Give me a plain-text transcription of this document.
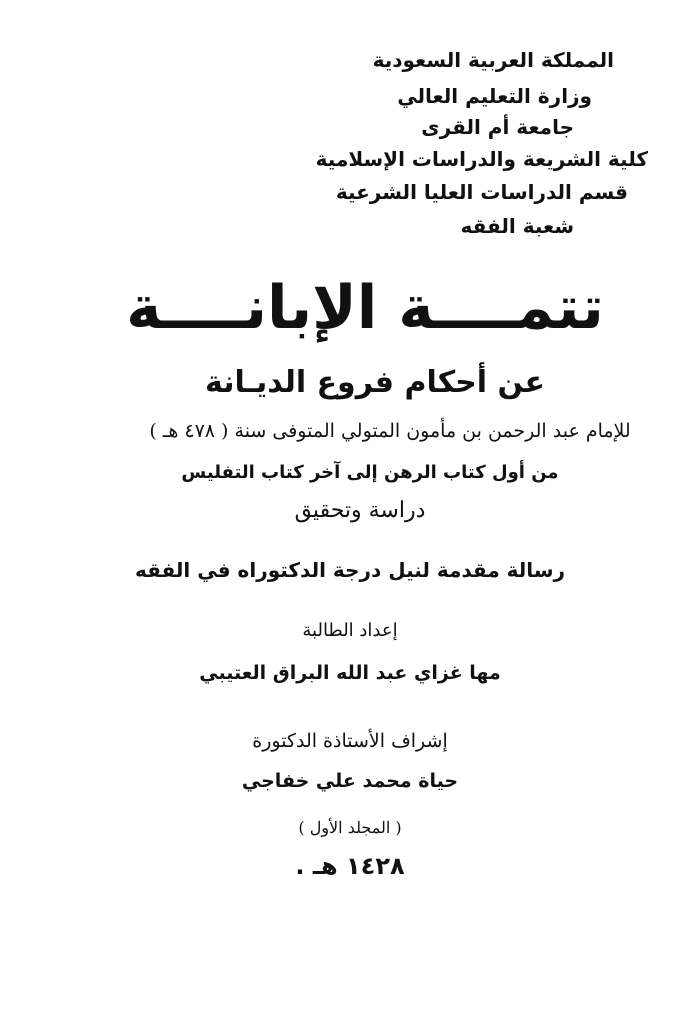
المملكة العربية السعودية
وزارة التعليم العالي
جامعة أم القرى
كلية الشريعة والدراسات الإسلامية
قسم الدراسات العليا الشرعية
شعبة الفقه
تتمــــة الإبانــــة
عن أحكام فروع الديـانة
للإمام عبد الرحمن بن مأمون المتولي المتوفى سنة ( ٤٧٨ هـ )
من أول كتاب الرهن إلى آخر كتاب التفليس
دراسة وتحقيق
رسالة مقدمة لنيل درجة الدكتوراه في الفقه
إعداد الطالبة
مها غزاي عبد الله البراق العتيبي
إشراف الأستاذة الدكتورة
حياة محمد علي خفاجي
( المجلد الأول )
١٤٢٨ هـ .
